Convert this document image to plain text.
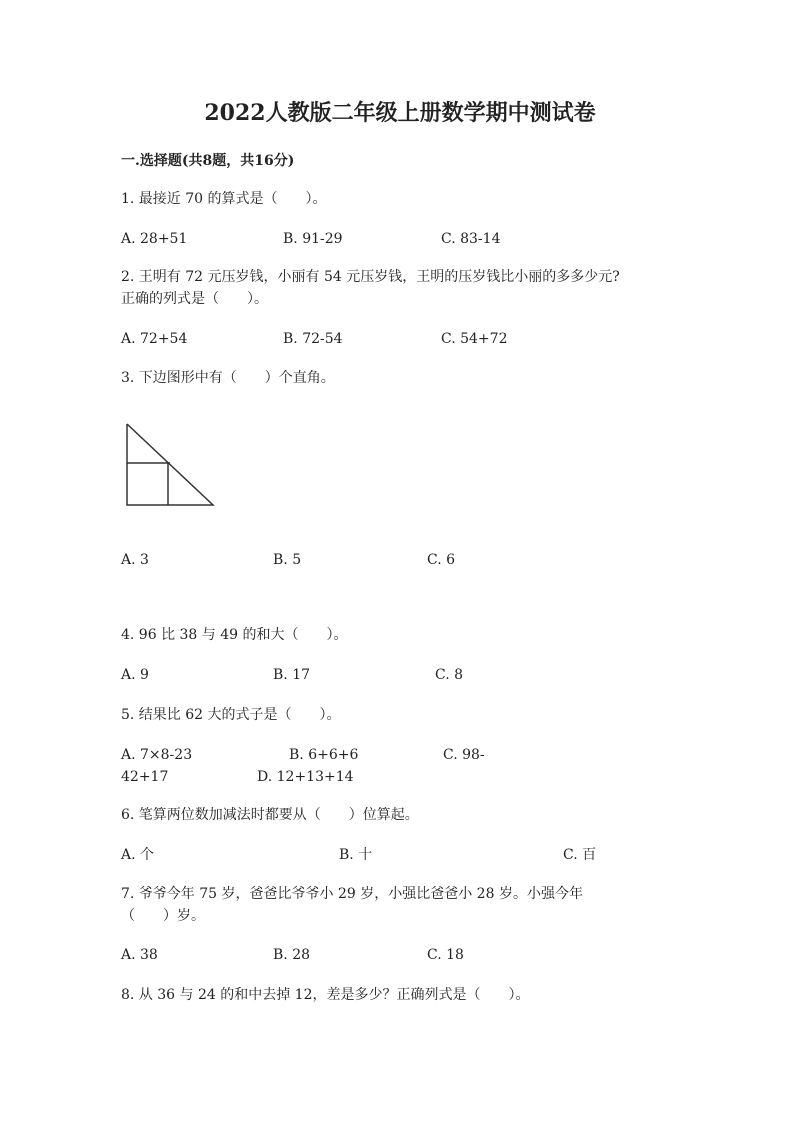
2022人教版二年级上册数学期中测试卷
一.选择题(共8题，共16分)

1. 最接近 70 的算式是（　　）。

A. 28+51	B. 91-29	C. 83-14

2. 王明有 72 元压岁钱，小丽有 54 元压岁钱，王明的压岁钱比小丽的多多少元?

正确的列式是（　　）。

A. 72+54	B. 72-54	C. 54+72

3. 下边图形中有（　　）个直角。

A. 3	B. 5	C. 6

4. 96 比 38 与 49 的和大（　　）。

A. 9	B. 17	C. 8

5. 结果比 62 大的式子是（　　）。

A. 7×8-23	B. 6+6+6	C. 98-
42+17	D. 12+13+14

6. 笔算两位数加减法时都要从（　　）位算起。

A. 个	B. 十	C. 百

7. 爷爷今年 75 岁，爸爸比爷爷小 29 岁，小强比爸爸小 28 岁。小强今年

（　　）岁。

A. 38	B. 28	C. 18

8. 从 36 与 24 的和中去掉 12，差是多少？正确列式是（　　）。
